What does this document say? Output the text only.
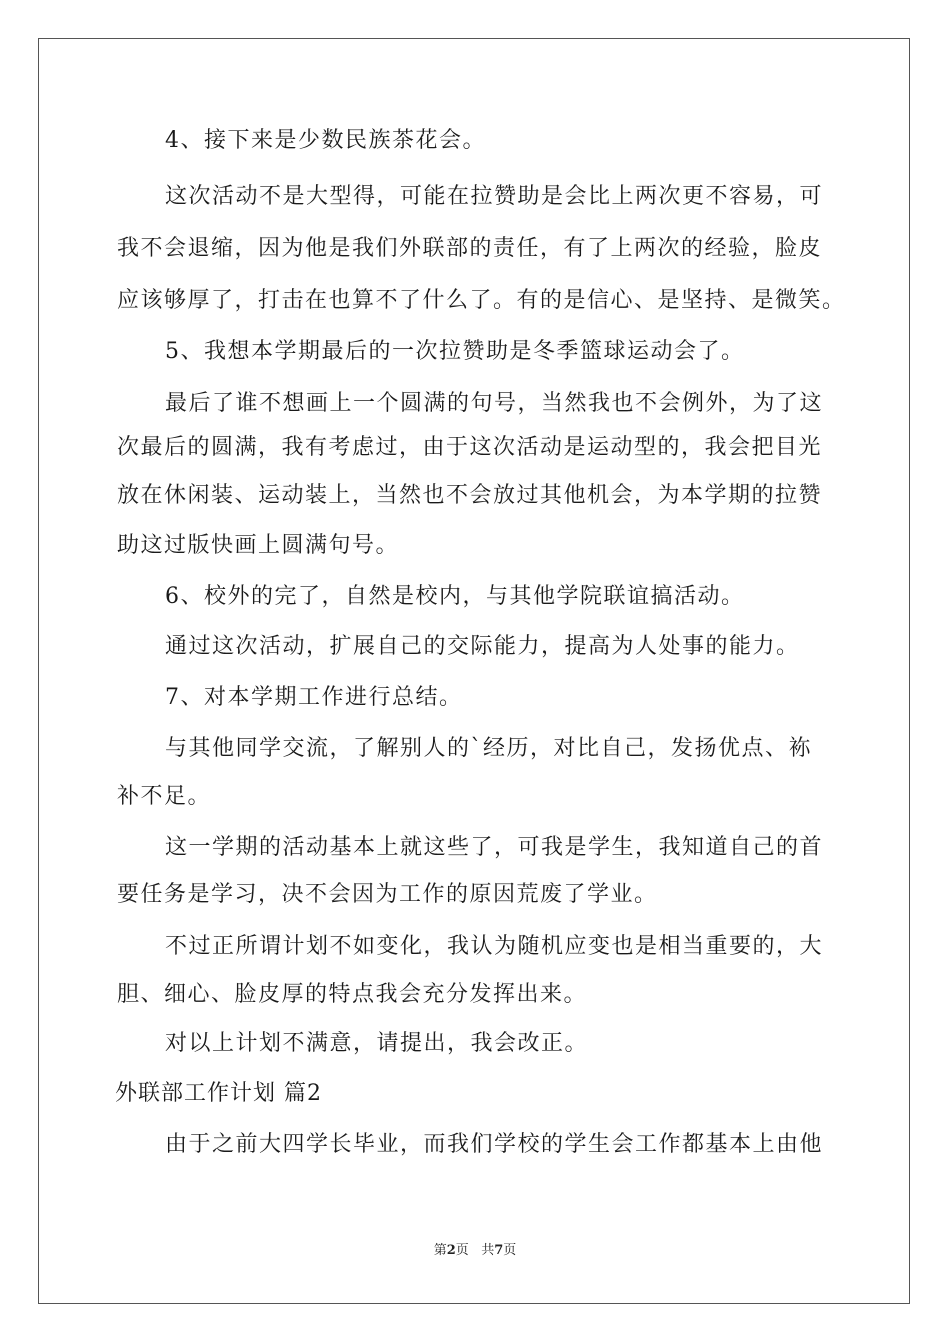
4、接下来是少数民族茶花会。
这次活动不是大型得，可能在拉赞助是会比上两次更不容易，可
我不会退缩，因为他是我们外联部的责任，有了上两次的经验，脸皮
应该够厚了，打击在也算不了什么了。有的是信心、是坚持、是微笑。
5、我想本学期最后的一次拉赞助是冬季篮球运动会了。
最后了谁不想画上一个圆满的句号，当然我也不会例外，为了这
次最后的圆满，我有考虑过，由于这次活动是运动型的，我会把目光
放在休闲装、运动装上，当然也不会放过其他机会，为本学期的拉赞
助这过版快画上圆满句号。
6、校外的完了，自然是校内，与其他学院联谊搞活动。
通过这次活动，扩展自己的交际能力，提高为人处事的能力。
7、对本学期工作进行总结。
与其他同学交流，了解别人的`经历，对比自己，发扬优点、袮
补不足。
这一学期的活动基本上就这些了，可我是学生，我知道自己的首
要任务是学习，决不会因为工作的原因荒废了学业。
不过正所谓计划不如变化，我认为随机应变也是相当重要的，大
胆、细心、脸皮厚的特点我会充分发挥出来。
对以上计划不满意，请提出，我会改正。
外联部工作计划 篇2
由于之前大四学长毕业，而我们学校的学生会工作都基本上由他
第2页 共7页
